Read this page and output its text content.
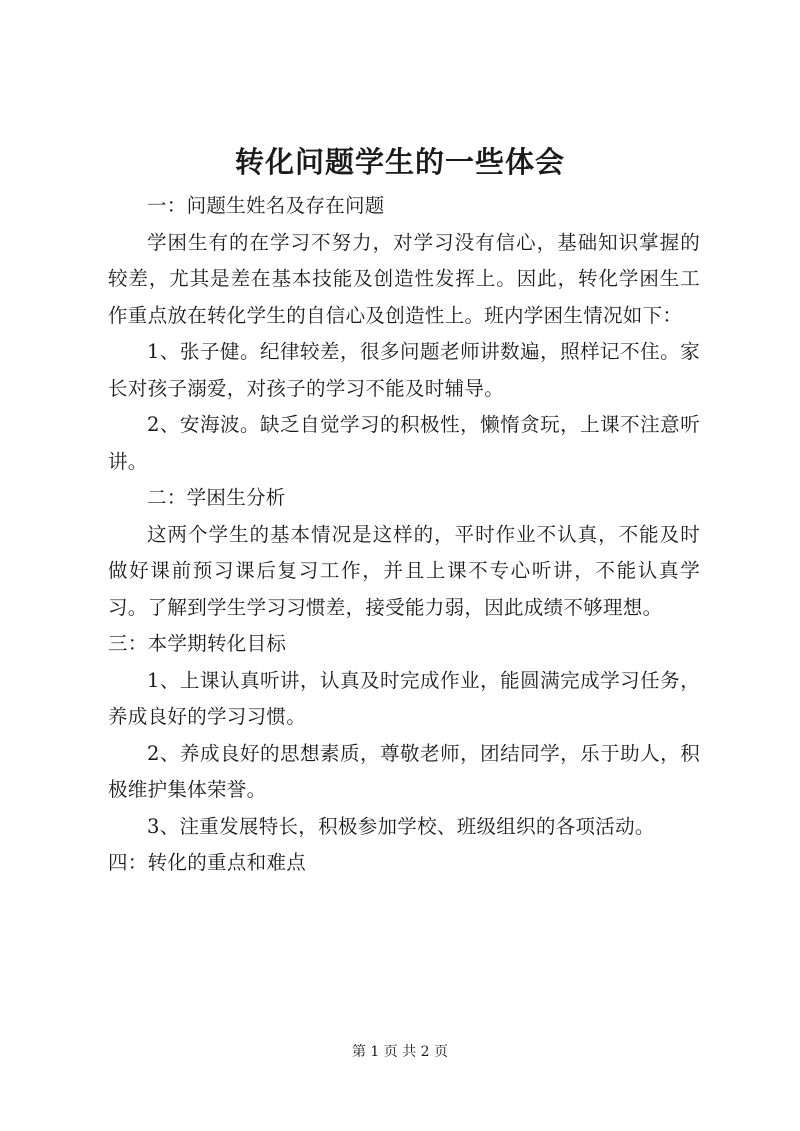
转化问题学生的一些体会

一：问题生姓名及存在问题

学困生有的在学习不努力，对学习没有信心，基础知识掌握的较差，尤其是差在基本技能及创造性发挥上。因此，转化学困生工作重点放在转化学生的自信心及创造性上。班内学困生情况如下：

1、张子健。纪律较差，很多问题老师讲数遍，照样记不住。家长对孩子溺爱，对孩子的学习不能及时辅导。

2、安海波。缺乏自觉学习的积极性，懒惰贪玩，上课不注意听讲。

二：学困生分析

这两个学生的基本情况是这样的，平时作业不认真，不能及时做好课前预习课后复习工作，并且上课不专心听讲，不能认真学习。了解到学生学习习惯差，接受能力弱，因此成绩不够理想。

三：本学期转化目标

1、上课认真听讲，认真及时完成作业，能圆满完成学习任务，养成良好的学习习惯。

2、养成良好的思想素质，尊敬老师，团结同学，乐于助人，积极维护集体荣誉。

3、注重发展特长，积极参加学校、班级组织的各项活动。

四：转化的重点和难点

第 1 页 共 2 页
